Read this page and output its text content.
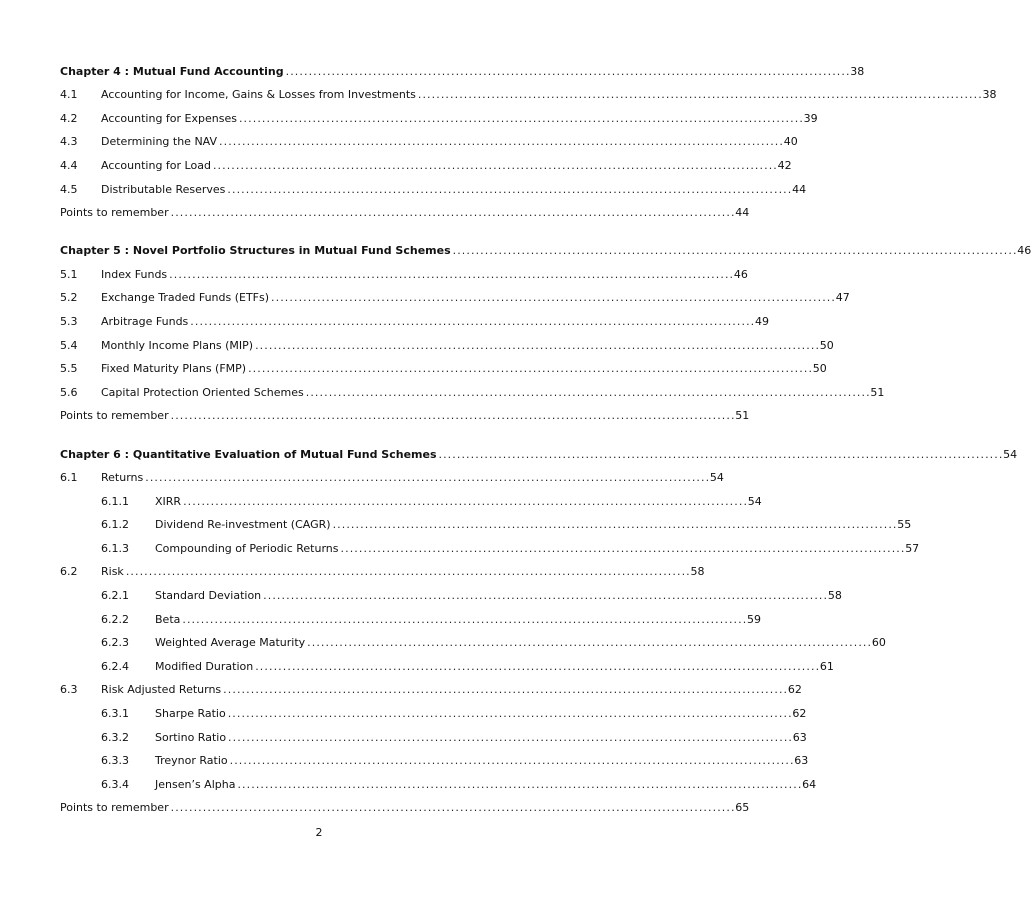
Chapter 4 : Mutual Fund Accounting . . .	38
4.1	Accounting for Income, Gains & Losses from Investments . . .	38
4.2	Accounting for Expenses . . .	39
4.3	Determining the NAV . . .	40
4.4	Accounting for Load . . .	42
4.5	Distributable Reserves . . .	44
Points to remember . . .	44
Chapter 5 : Novel Portfolio Structures in Mutual Fund Schemes . . .	46
5.1	Index Funds . . .	46
5.2	Exchange Traded Funds (ETFs) . . .	47
5.3	Arbitrage Funds . . .	49
5.4	Monthly Income Plans (MIP) . . .	50
5.5	Fixed Maturity Plans (FMP) . . .	50
5.6	Capital Protection Oriented Schemes . . .	51
Points to remember . . .	51
Chapter 6 : Quantitative Evaluation of Mutual Fund Schemes . . .	54
6.1	Returns . . .	54
6.1.1	XIRR . . .	54
6.1.2	Dividend Re-investment (CAGR) . . .	55
6.1.3	Compounding of Periodic Returns . . .	57
6.2	Risk . . .	58
6.2.1	Standard Deviation . . .	58
6.2.2	Beta . . .	59
6.2.3	Weighted Average Maturity . . .	60
6.2.4	Modified Duration . . .	61
6.3	Risk Adjusted Returns . . .	62
6.3.1	Sharpe Ratio . . .	62
6.3.2	Sortino Ratio . . .	63
6.3.3	Treynor Ratio . . .	63
6.3.4	Jensen’s Alpha . . .	64
Points to remember . . .	65
2
